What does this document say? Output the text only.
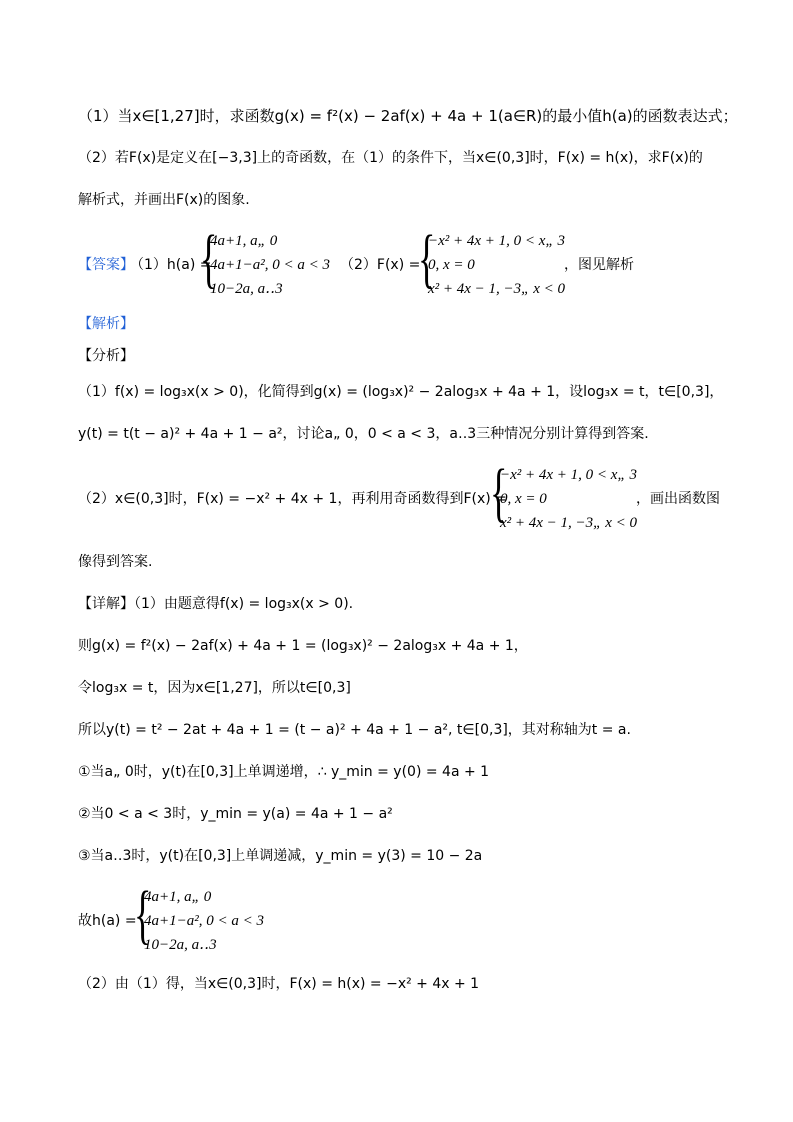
（1）当x∈[1,27]时，求函数g(x) = f²(x) − 2af(x) + 4a + 1(a∈R)的最小值h(a)的函数表达式；
（2）若F(x)是定义在[−3,3]上的奇函数，在（1）的条件下，当x∈(0,3]时，F(x) = h(x)，求F(x)的
解析式，并画出F(x)的图象.
【答案】
（1）h(a) =
{
4a+1, a„ 0
4a+1−a², 0 < a < 3
10−2a, a‥3
（2）F(x) =
{
−x² + 4x + 1, 0 < x„ 3
0, x = 0
x² + 4x − 1, −3„ x < 0
，图见解析
【解析】
【分析】
（1）f(x) = log₃x(x > 0)，化简得到g(x) = (log₃x)² − 2alog₃x + 4a + 1，设log₃x = t，t∈[0,3]，
y(t) = t(t − a)² + 4a + 1 − a²，讨论a„ 0，0 < a < 3，a‥3三种情况分别计算得到答案.
（2）x∈(0,3]时，F(x) = −x² + 4x + 1，再利用奇函数得到F(x) =
{
−x² + 4x + 1, 0 < x„ 3
0, x = 0
x² + 4x − 1, −3„ x < 0
，画出函数图
像得到答案.
【详解】（1）由题意得f(x) = log₃x(x > 0).
则g(x) = f²(x) − 2af(x) + 4a + 1 = (log₃x)² − 2alog₃x + 4a + 1，
令log₃x = t，因为x∈[1,27]，所以t∈[0,3]
所以y(t) = t² − 2at + 4a + 1 = (t − a)² + 4a + 1 − a², t∈[0,3]，其对称轴为t = a.
①当a„ 0时，y(t)在[0,3]上单调递增，∴ y_min = y(0) = 4a + 1
②当0 < a < 3时，y_min = y(a) = 4a + 1 − a²
③当a‥3时，y(t)在[0,3]上单调递减，y_min = y(3) = 10 − 2a
故h(a) =
{
4a+1, a„ 0
4a+1−a², 0 < a < 3
10−2a, a‥3
（2）由（1）得，当x∈(0,3]时，F(x) = h(x) = −x² + 4x + 1
